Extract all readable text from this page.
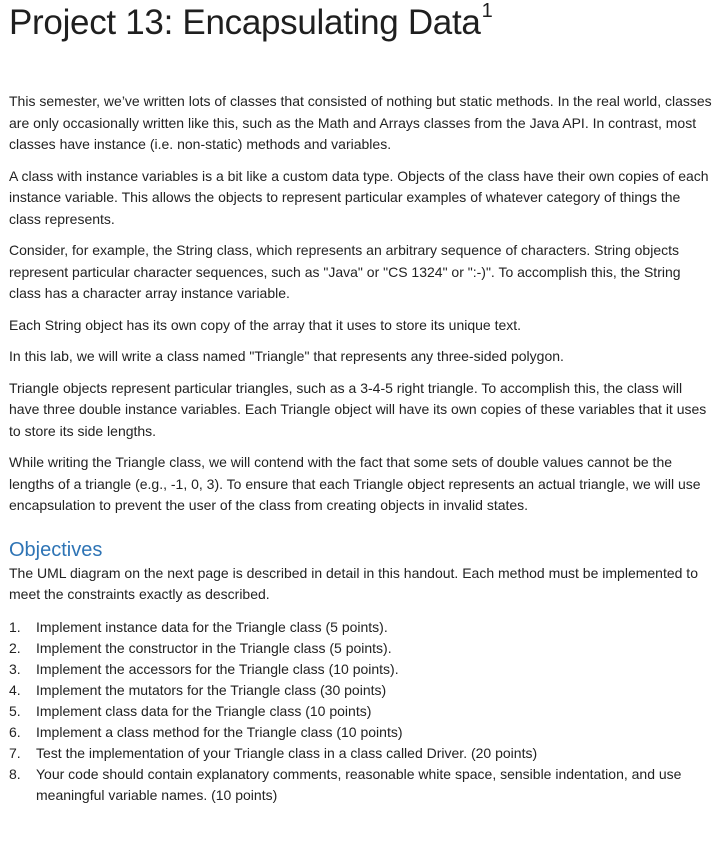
Project 13: Encapsulating Data$^1$

This semester, we’ve written lots of classes that consisted of nothing but static methods. In the real world, classes are only occasionally written like this, such as the Math and Arrays classes from the Java API. In contrast, most classes have instance (i.e. non-static) methods and variables.

A class with instance variables is a bit like a custom data type. Objects of the class have their own copies of each instance variable. This allows the objects to represent particular examples of whatever category of things the class represents.

Consider, for example, the String class, which represents an arbitrary sequence of characters. String objects represent particular character sequences, such as "Java" or "CS 1324" or ":-)". To accomplish this, the String class has a character array instance variable.

Each String object has its own copy of the array that it uses to store its unique text.

In this lab, we will write a class named "Triangle" that represents any three-sided polygon.

Triangle objects represent particular triangles, such as a 3-4-5 right triangle. To accomplish this, the class will have three double instance variables. Each Triangle object will have its own copies of these variables that it uses to store its side lengths.

While writing the Triangle class, we will contend with the fact that some sets of double values cannot be the lengths of a triangle (e.g., -1, 0, 3). To ensure that each Triangle object represents an actual triangle, we will use encapsulation to prevent the user of the class from creating objects in invalid states.

Objectives

The UML diagram on the next page is described in detail in this handout. Each method must be implemented to meet the constraints exactly as described.

1. Implement instance data for the Triangle class (5 points).
2. Implement the constructor in the Triangle class (5 points).
3. Implement the accessors for the Triangle class (10 points).
4. Implement the mutators for the Triangle class (30 points)
5. Implement class data for the Triangle class (10 points)
6. Implement a class method for the Triangle class (10 points)
7. Test the implementation of your Triangle class in a class called Driver. (20 points)
8. Your code should contain explanatory comments, reasonable white space, sensible indentation, and use meaningful variable names. (10 points)
